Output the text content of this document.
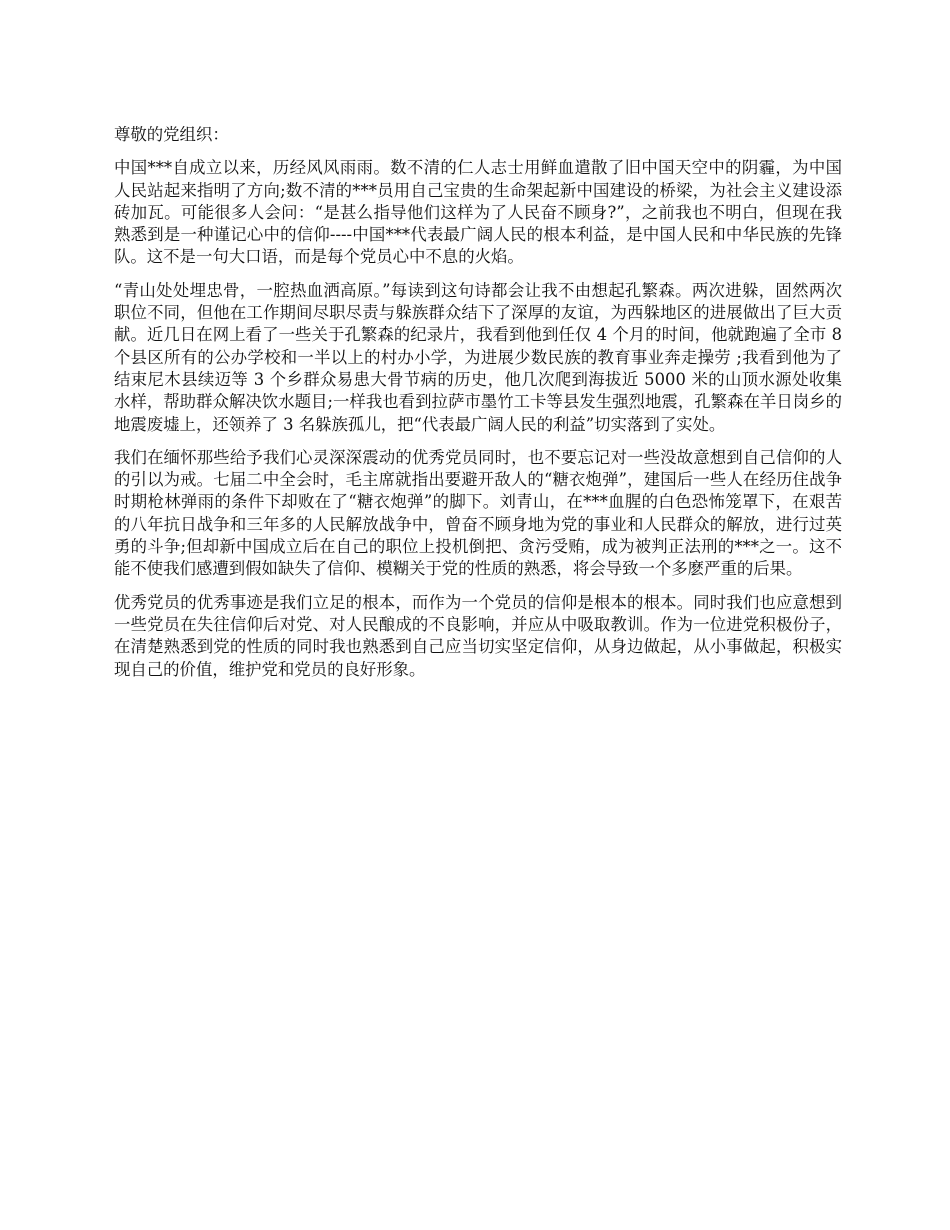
尊敬的党组织：

中国***自成立以来，历经风风雨雨。数不清的仁人志士用鲜血遣散了旧中国天空中的阴霾，为中国人民站起来指明了方向;数不清的***员用自己宝贵的生命架起新中国建设的桥梁，为社会主义建设添砖加瓦。可能很多人会问：“是甚么指导他们这样为了人民奋不顾身?”，之前我也不明白，但现在我熟悉到是一种谨记心中的信仰----中国***代表最广阔人民的根本利益，是中国人民和中华民族的先锋队。这不是一句大口语，而是每个党员心中不息的火焰。

“青山处处埋忠骨，一腔热血洒高原。”每读到这句诗都会让我不由想起孔繁森。两次进躲，固然两次职位不同，但他在工作期间尽职尽责与躲族群众结下了深厚的友谊，为西躲地区的进展做出了巨大贡献。近几日在网上看了一些关于孔繁森的纪录片，我看到他到任仅 4 个月的时间，他就跑遍了全市 8 个县区所有的公办学校和一半以上的村办小学，为进展少数民族的教育事业奔走操劳 ;我看到他为了结束尼木县续迈等 3 个乡群众易患大骨节病的历史，他几次爬到海拔近 5000 米的山顶水源处收集水样，帮助群众解决饮水题目;一样我也看到拉萨市墨竹工卡等县发生强烈地震，孔繁森在羊日岗乡的地震废墟上，还领养了 3 名躲族孤儿，把“代表最广阔人民的利益”切实落到了实处。

我们在缅怀那些给予我们心灵深深震动的优秀党员同时，也不要忘记对一些没故意想到自己信仰的人的引以为戒。七届二中全会时，毛主席就指出要避开敌人的“糖衣炮弹”，建国后一些人在经历住战争时期枪林弹雨的条件下却败在了“糖衣炮弹”的脚下。刘青山，在***血腥的白色恐怖笼罩下，在艰苦的八年抗日战争和三年多的人民解放战争中，曾奋不顾身地为党的事业和人民群众的解放，进行过英勇的斗争;但却新中国成立后在自己的职位上投机倒把、贪污受贿，成为被判正法刑的***之一。这不能不使我们感遭到假如缺失了信仰、模糊关于党的性质的熟悉，将会导致一个多麽严重的后果。

优秀党员的优秀事迹是我们立足的根本，而作为一个党员的信仰是根本的根本。同时我们也应意想到一些党员在失往信仰后对党、对人民酿成的不良影响，并应从中吸取教训。作为一位进党积极份子，在清楚熟悉到党的性质的同时我也熟悉到自己应当切实坚定信仰，从身边做起，从小事做起，积极实现自己的价值，维护党和党员的良好形象。
